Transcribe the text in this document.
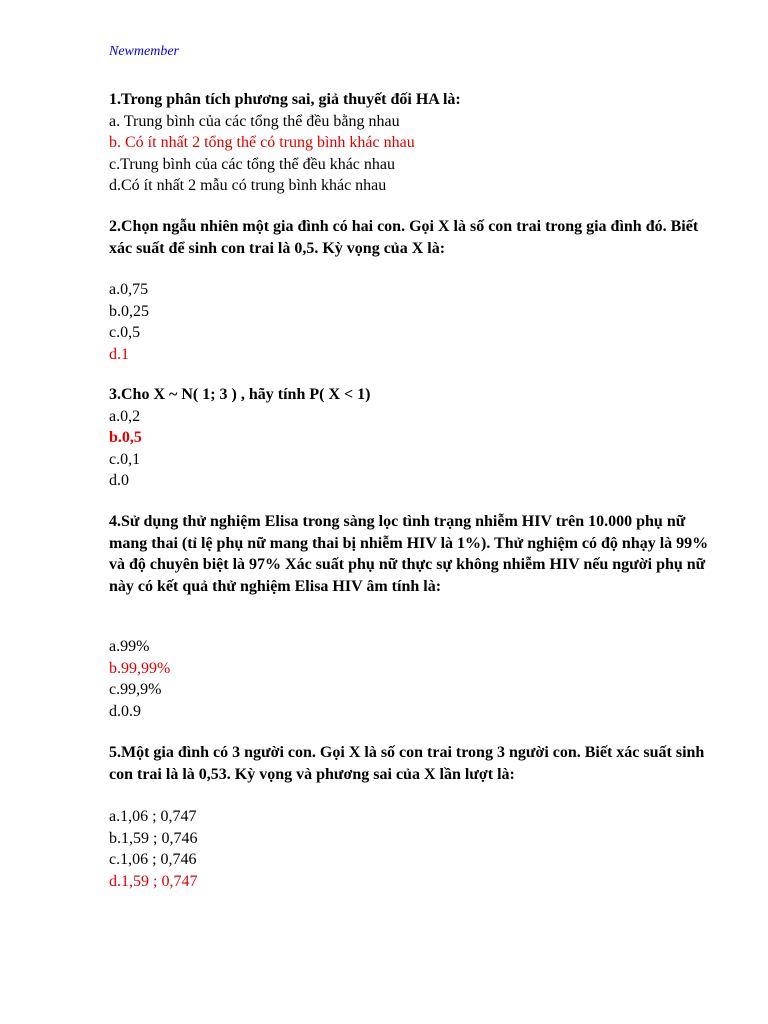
Newmember

1.Trong phân tích phương sai, giả thuyết đối HA là:

a. Trung bình của các tổng thể đều bằng nhau

b. Có ít nhất 2 tổng thể có trung bình khác nhau

c.Trung bình của các tổng thể đều khác nhau

d.Có ít nhất 2 mẫu có trung bình khác nhau

2.Chọn ngẫu nhiên một gia đình có hai con. Gọi X là số con trai trong gia đình đó. Biết xác suất để sinh con trai là 0,5. Kỳ vọng của X là:

a.0,75

b.0,25

c.0,5

d.1

3.Cho X ~ N( 1; 3 ) , hãy tính P( X < 1)

a.0,2

b.0,5

c.0,1

d.0

4.Sử dụng thử nghiệm Elisa trong sàng lọc tình trạng nhiễm HIV trên 10.000 phụ nữ mang thai (tỉ lệ phụ nữ mang thai bị nhiễm HIV là 1%). Thử nghiệm có độ nhạy là 99% và độ chuyên biệt là 97% Xác suất phụ nữ thực sự không nhiễm HIV nếu người phụ nữ này có kết quả thử nghiệm Elisa HIV âm tính là:

a.99%

b.99,99%

c.99,9%

d.0.9

5.Một gia đình có 3 người con. Gọi X là số con trai trong 3 người con. Biết xác suất sinh con trai là là 0,53. Kỳ vọng và phương sai của X lần lượt là:

a.1,06 ; 0,747

b.1,59 ; 0,746

c.1,06 ; 0,746

d.1,59 ; 0,747
